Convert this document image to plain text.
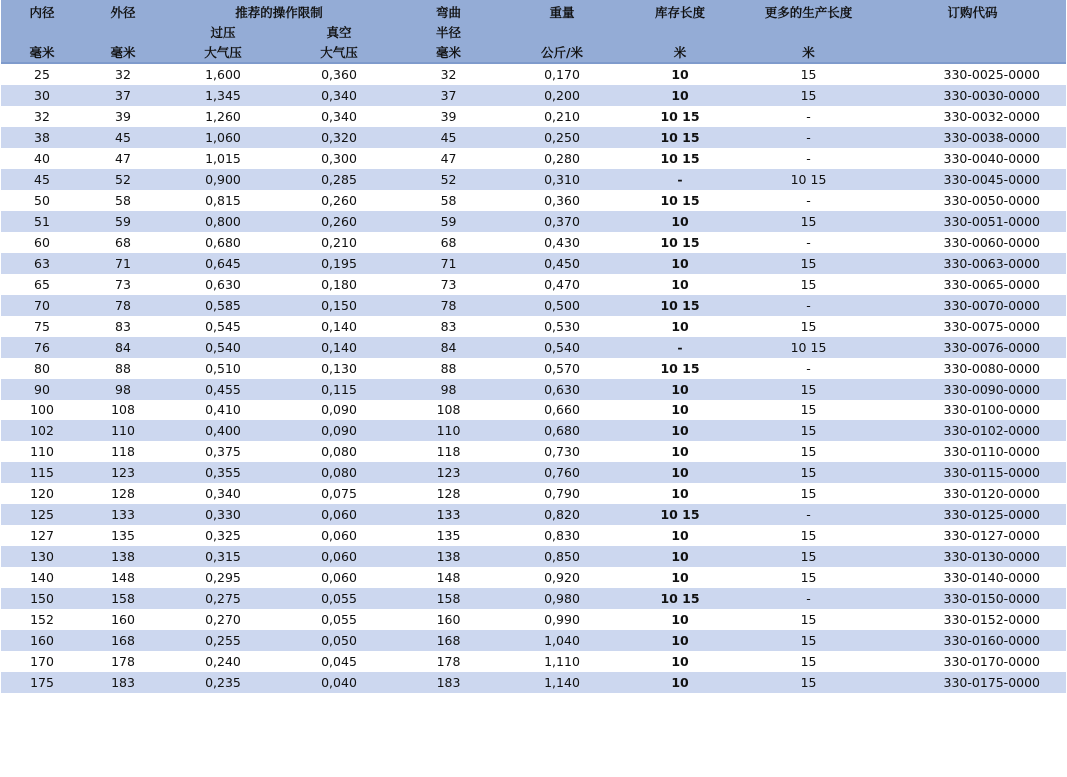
内径	外径	推荐的操作限制		弯曲	重量	库存长度	更多的生产长度	订购代码
		过压	真空	半径				
毫米	毫米	大气压	大气压	毫米	公斤/米	米	米	
25	32	1,600	0,360	32	0,170	10	15	330-0025-0000
30	37	1,345	0,340	37	0,200	10	15	330-0030-0000
32	39	1,260	0,340	39	0,210	10 15	-	330-0032-0000
38	45	1,060	0,320	45	0,250	10 15	-	330-0038-0000
40	47	1,015	0,300	47	0,280	10 15	-	330-0040-0000
45	52	0,900	0,285	52	0,310	-	10 15	330-0045-0000
50	58	0,815	0,260	58	0,360	10 15	-	330-0050-0000
51	59	0,800	0,260	59	0,370	10	15	330-0051-0000
60	68	0,680	0,210	68	0,430	10 15	-	330-0060-0000
63	71	0,645	0,195	71	0,450	10	15	330-0063-0000
65	73	0,630	0,180	73	0,470	10	15	330-0065-0000
70	78	0,585	0,150	78	0,500	10 15	-	330-0070-0000
75	83	0,545	0,140	83	0,530	10	15	330-0075-0000
76	84	0,540	0,140	84	0,540	-	10 15	330-0076-0000
80	88	0,510	0,130	88	0,570	10 15	-	330-0080-0000
90	98	0,455	0,115	98	0,630	10	15	330-0090-0000
100	108	0,410	0,090	108	0,660	10	15	330-0100-0000
102	110	0,400	0,090	110	0,680	10	15	330-0102-0000
110	118	0,375	0,080	118	0,730	10	15	330-0110-0000
115	123	0,355	0,080	123	0,760	10	15	330-0115-0000
120	128	0,340	0,075	128	0,790	10	15	330-0120-0000
125	133	0,330	0,060	133	0,820	10 15	-	330-0125-0000
127	135	0,325	0,060	135	0,830	10	15	330-0127-0000
130	138	0,315	0,060	138	0,850	10	15	330-0130-0000
140	148	0,295	0,060	148	0,920	10	15	330-0140-0000
150	158	0,275	0,055	158	0,980	10 15	-	330-0150-0000
152	160	0,270	0,055	160	0,990	10	15	330-0152-0000
160	168	0,255	0,050	168	1,040	10	15	330-0160-0000
170	178	0,240	0,045	178	1,110	10	15	330-0170-0000
175	183	0,235	0,040	183	1,140	10	15	330-0175-0000
